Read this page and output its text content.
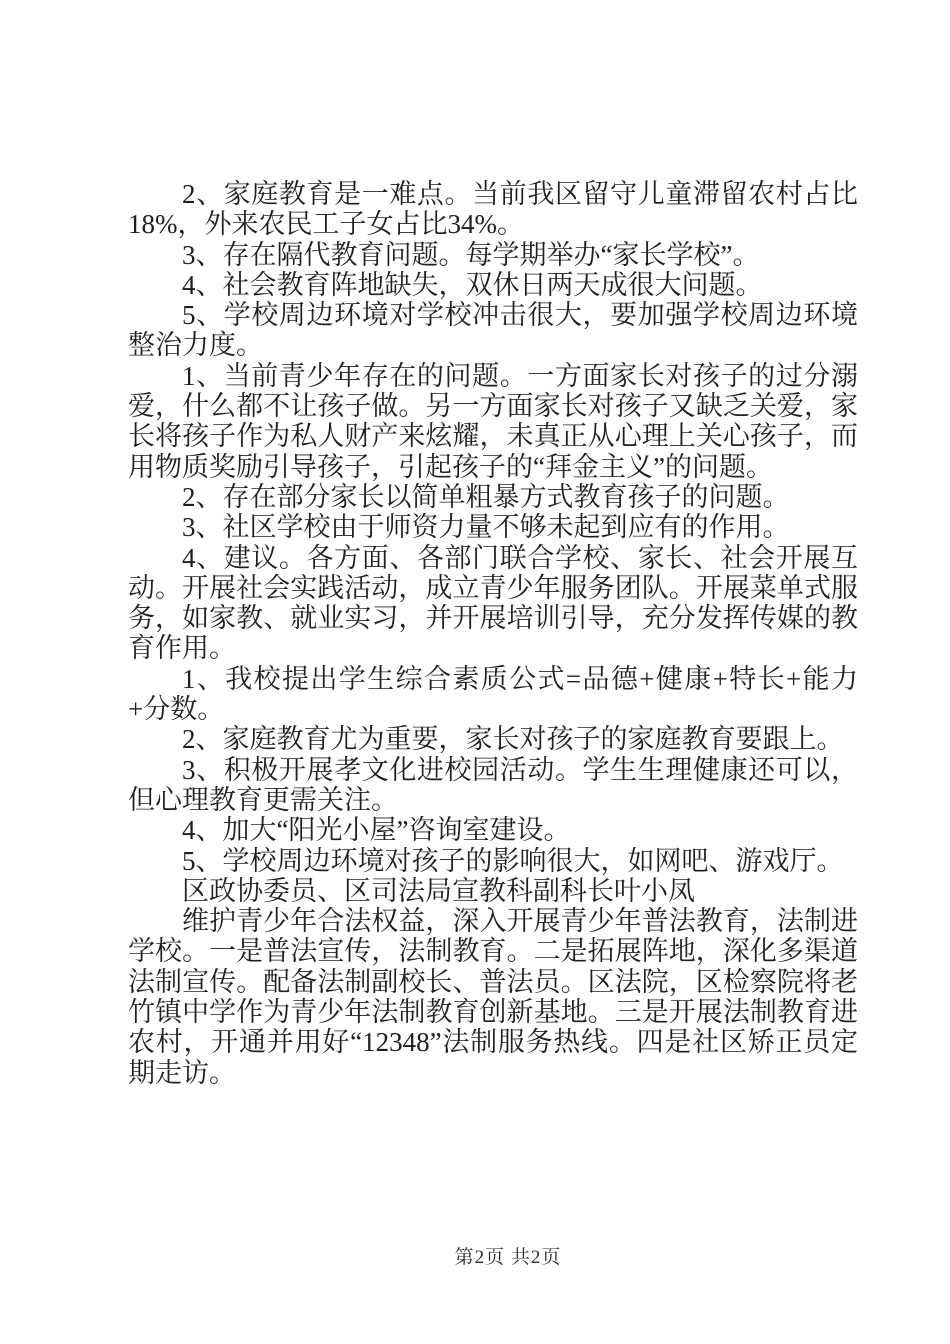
2、家庭教育是一难点。当前我区留守儿童滞留农村占比18%，外来农民工子女占比34%。

3、存在隔代教育问题。每学期举办“家长学校”。

4、社会教育阵地缺失，双休日两天成很大问题。

5、学校周边环境对学校冲击很大，要加强学校周边环境整治力度。

1、当前青少年存在的问题。一方面家长对孩子的过分溺爱，什么都不让孩子做。另一方面家长对孩子又缺乏关爱，家长将孩子作为私人财产来炫耀，未真正从心理上关心孩子，而用物质奖励引导孩子，引起孩子的“拜金主义”的问题。

2、存在部分家长以简单粗暴方式教育孩子的问题。

3、社区学校由于师资力量不够未起到应有的作用。

4、建议。各方面、各部门联合学校、家长、社会开展互动。开展社会实践活动，成立青少年服务团队。开展菜单式服务，如家教、就业实习，并开展培训引导，充分发挥传媒的教育作用。

1、我校提出学生综合素质公式=品德+健康+特长+能力+分数。

2、家庭教育尤为重要，家长对孩子的家庭教育要跟上。

3、积极开展孝文化进校园活动。学生生理健康还可以，但心理教育更需关注。

4、加大“阳光小屋”咨询室建设。

5、学校周边环境对孩子的影响很大，如网吧、游戏厅。

区政协委员、区司法局宣教科副科长叶小凤

维护青少年合法权益，深入开展青少年普法教育，法制进学校。一是普法宣传，法制教育。二是拓展阵地，深化多渠道法制宣传。配备法制副校长、普法员。区法院，区检察院将老竹镇中学作为青少年法制教育创新基地。三是开展法制教育进农村，开通并用好“12348”法制服务热线。四是社区矫正员定期走访。

第2页 共2页
